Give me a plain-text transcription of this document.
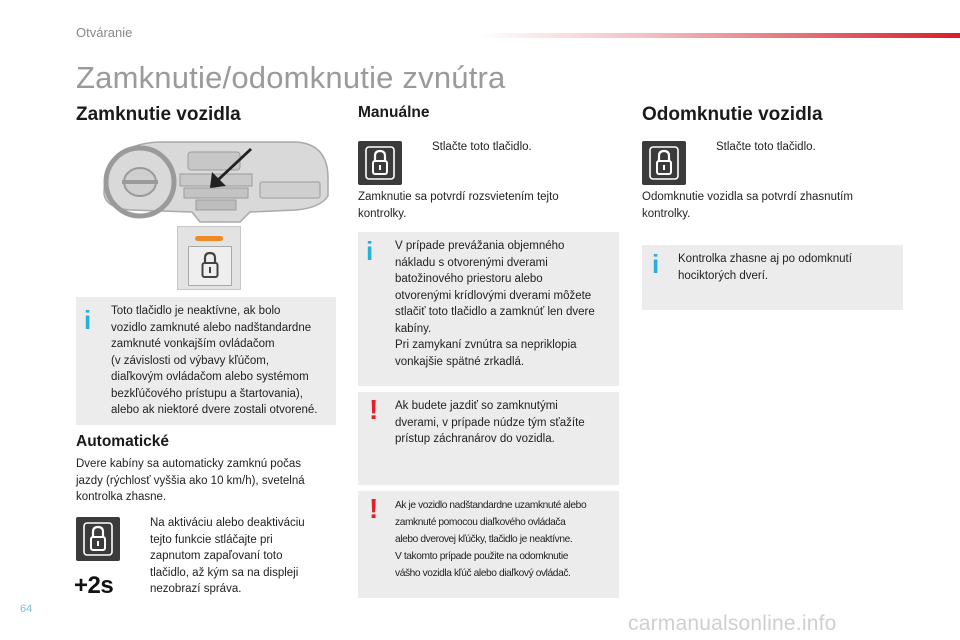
Otváranie
Zamknutie/odomknutie zvnútra
Zamknutie vozidla
i Toto tlačidlo je neaktívne, ak bolo
vozidlo zamknuté alebo nadštandardne
zamknuté vonkajším ovládačom
(v závislosti od výbavy kľúčom,
diaľkovým ovládačom alebo systémom
bezkľúčového prístupu a štartovania),
alebo ak niektoré dvere zostali otvorené.
Automatické
Dvere kabíny sa automaticky zamknú počas
jazdy (rýchlosť vyššia ako 10 km/h), svetelná
kontrolka zhasne.
Na aktiváciu alebo deaktiváciu
tejto funkcie stláčajte pri
zapnutom zapaľovaní toto
tlačidlo, až kým sa na displeji
nezobrazí správa.
+2s
Manuálne
Stlačte toto tlačidlo.
Zamknutie sa potvrdí rozsvietením tejto
kontrolky.
i V prípade prevážania objemného
nákladu s otvorenými dverami
batožinového priestoru alebo
otvorenými krídlovými dverami môžete
stlačiť toto tlačidlo a zamknúť len dvere
kabíny.
Pri zamykaní zvnútra sa nepriklopia
vonkajšie spätné zrkadlá.
! Ak budete jazdiť so zamknutými
dverami, v prípade núdze tým sťažíte
prístup záchranárov do vozidla.
! Ak je vozidlo nadštandardne uzamknuté alebo
zamknuté pomocou diaľkového ovládača
alebo dverovej kľúčky, tlačidlo je neaktívne.
V takomto prípade použite na odomknutie
vášho vozidla kľúč alebo diaľkový ovládač.
Odomknutie vozidla
Stlačte toto tlačidlo.
Odomknutie vozidla sa potvrdí zhasnutím
kontrolky.
i Kontrolka zhasne aj po odomknutí
hociktorých dverí.
64
carmanualsonline.info
